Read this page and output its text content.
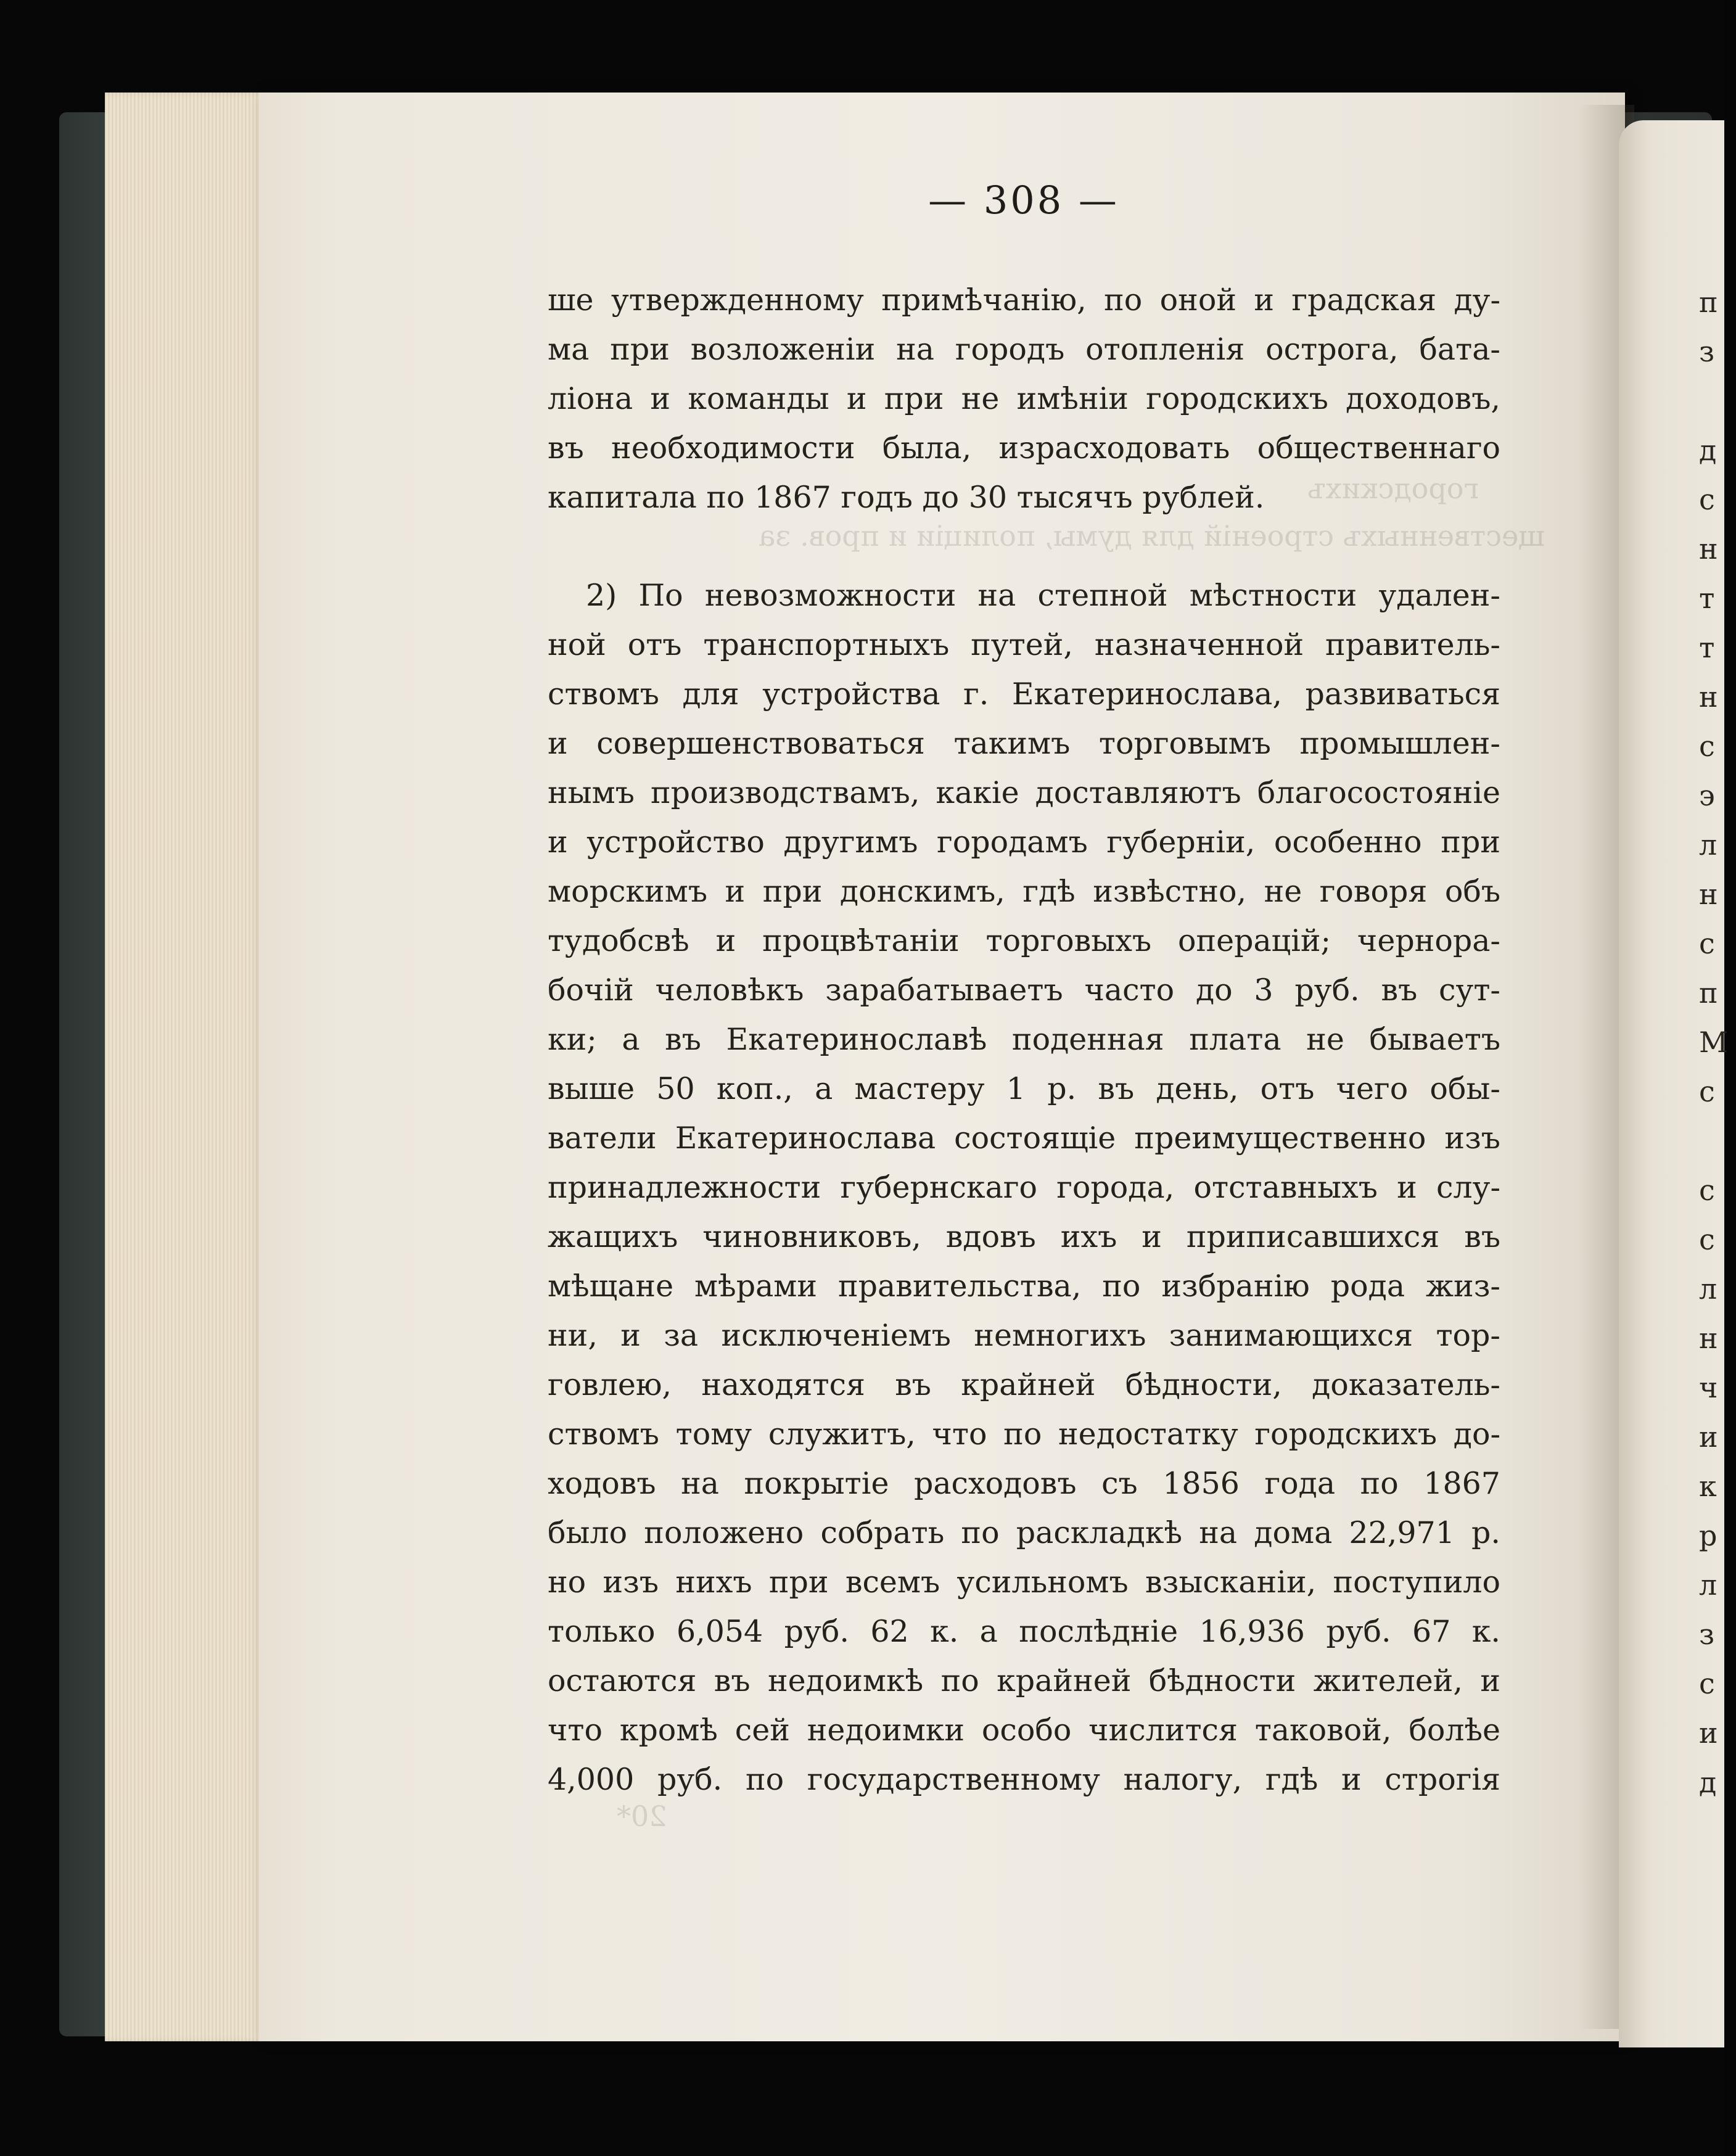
городскихъ
щественныхъ строеній для думы, полиціи и пров. за
20*
— 308 —
ше утвержденному примѣчанію, по оной и градская ду-
ма при возложеніи на городъ отопленія острога, бата-
ліона и команды и при не имѣніи городскихъ доходовъ,
въ необходимости была, израсходовать общественнаго
капитала по 1867 годъ до 30 тысячъ рублей.
2) По невозможности на степной мѣстности удален-
ной отъ транспортныхъ путей, назначенной правитель-
ствомъ для устройства г. Екатеринослава, развиваться
и совершенствоваться такимъ торговымъ промышлен-
нымъ производствамъ, какіе доставляютъ благосостояніе
и устройство другимъ городамъ губерніи, особенно при
морскимъ и при донскимъ, гдѣ извѣстно, не говоря объ
тудобсвѣ и процвѣтаніи торговыхъ операцій; чернора-
бочій человѣкъ зарабатываетъ часто до 3 руб. въ сут-
ки; а въ Екатеринославѣ поденная плата не бываетъ
выше 50 коп., а мастеру 1 р. въ день, отъ чего обы-
ватели Екатеринослава состоящіе преимущественно изъ
принадлежности губернскаго города, отставныхъ и слу-
жащихъ чиновниковъ, вдовъ ихъ и приписавшихся въ
мѣщане мѣрами правительства, по избранію рода жиз-
ни, и за исключеніемъ немногихъ занимающихся тор-
говлею, находятся въ крайней бѣдности, доказатель-
ствомъ тому служитъ, что по недостатку городскихъ до-
ходовъ на покрытіе расходовъ съ 1856 года по 1867
было положено собрать по раскладкѣ на дома 22,971 р.
но изъ нихъ при всемъ усильномъ взысканіи, поступило
только 6,054 руб. 62 к. а послѣдніе 16,936 руб. 67 к.
остаются въ недоимкѣ по крайней бѣдности жителей, и
что кромѣ сей недоимки особо числится таковой, болѣе
4,000 руб. по государственному налогу, гдѣ и строгія
п
з
д
с
н
т
т
н
с
э
л
н
с
п
М
с
с
с
л
н
ч
и
к
р
л
з
с
и
д
